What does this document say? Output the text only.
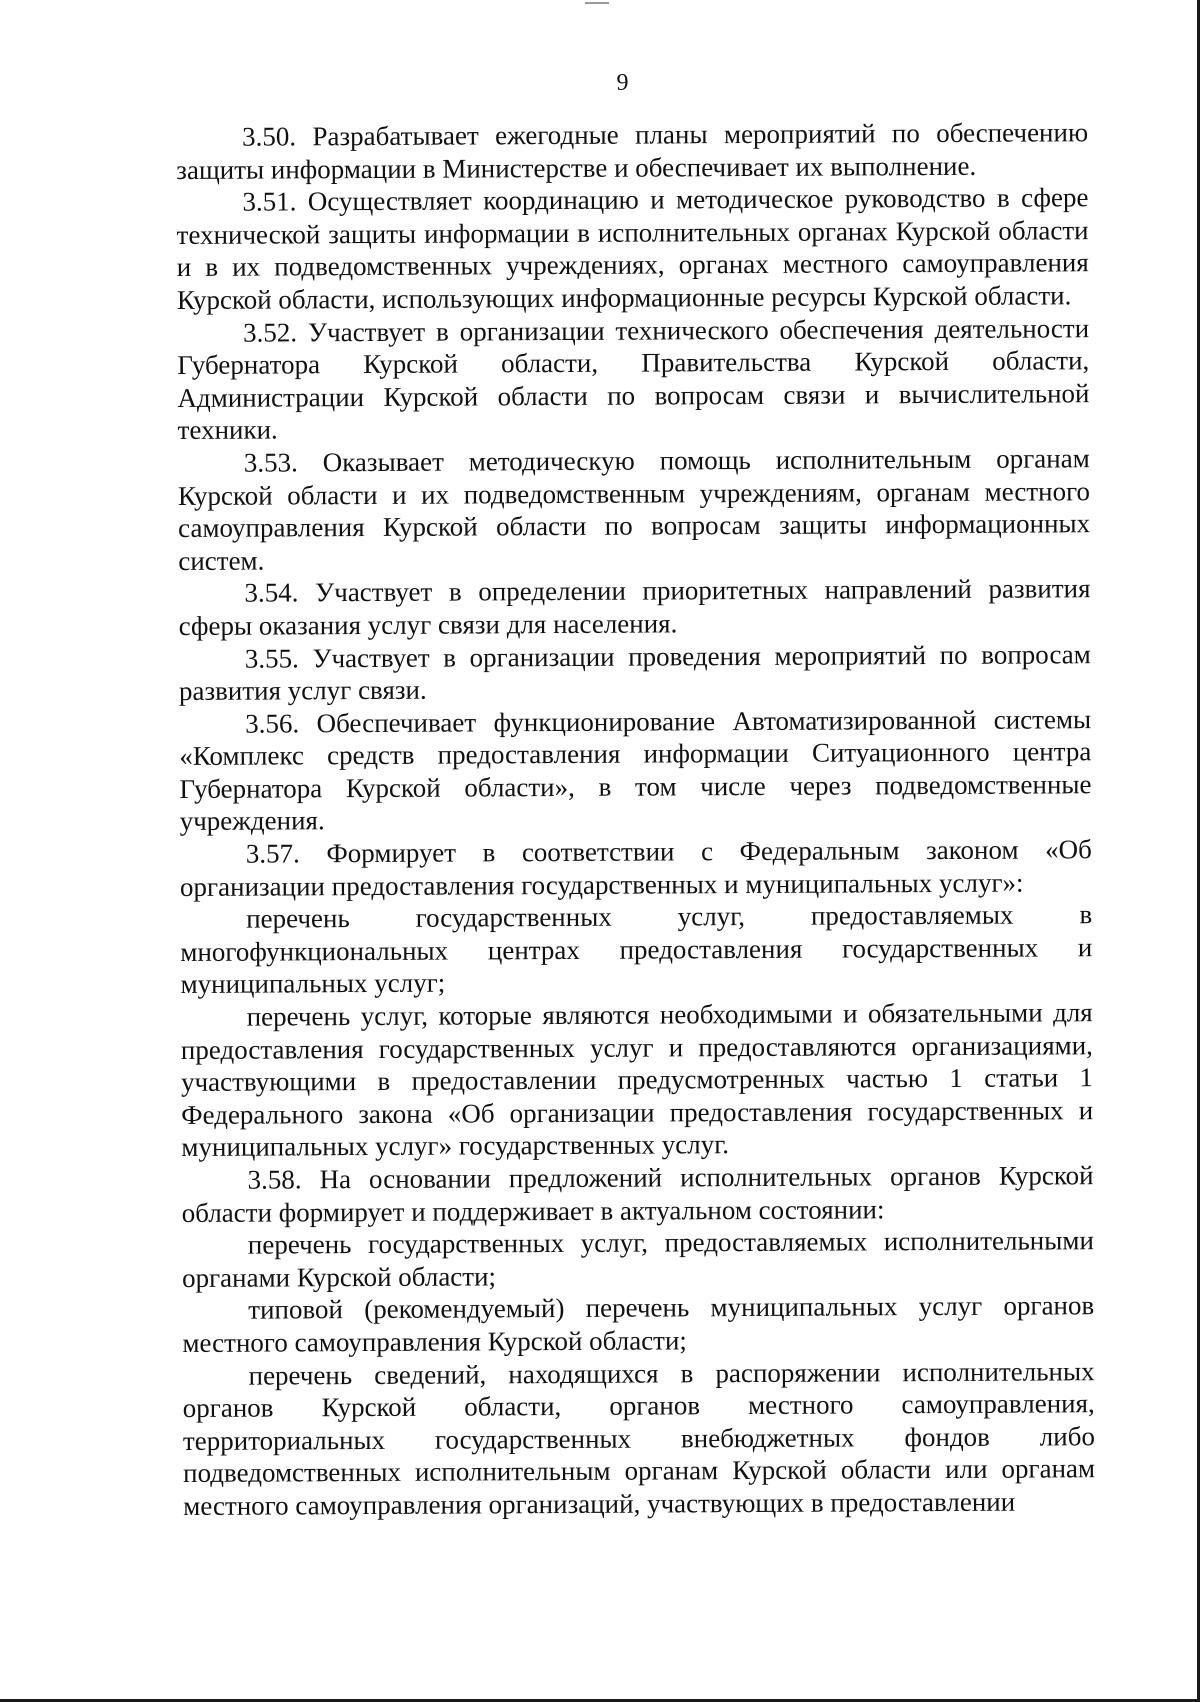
9

3.50. Разрабатывает ежегодные планы мероприятий по обеспечению защиты информации в Министерстве и обеспечивает их выполнение.

3.51. Осуществляет координацию и методическое руководство в сфере технической защиты информации в исполнительных органах Курской области и в их подведомственных учреждениях, органах местного самоуправления Курской области, использующих информационные ресурсы Курской области.

3.52. Участвует в организации технического обеспечения деятельности Губернатора Курской области, Правительства Курской области, Администрации Курской области по вопросам связи и вычислительной техники.

3.53. Оказывает методическую помощь исполнительным органам Курской области и их подведомственным учреждениям, органам местного самоуправления Курской области по вопросам защиты информационных систем.

3.54. Участвует в определении приоритетных направлений развития сферы оказания услуг связи для населения.

3.55. Участвует в организации проведения мероприятий по вопросам развития услуг связи.

3.56. Обеспечивает функционирование Автоматизированной системы «Комплекс средств предоставления информации Ситуационного центра Губернатора Курской области», в том числе через подведомственные учреждения.

3.57. Формирует в соответствии с Федеральным законом «Об организации предоставления государственных и муниципальных услуг»:

перечень государственных услуг, предоставляемых в многофункциональных центрах предоставления государственных и муниципальных услуг;

перечень услуг, которые являются необходимыми и обязательными для предоставления государственных услуг и предоставляются организациями, участвующими в предоставлении предусмотренных частью 1 статьи 1 Федерального закона «Об организации предоставления государственных и муниципальных услуг» государственных услуг.

3.58. На основании предложений исполнительных органов Курской области формирует и поддерживает в актуальном состоянии:

перечень государственных услуг, предоставляемых исполнительными органами Курской области;

типовой (рекомендуемый) перечень муниципальных услуг органов местного самоуправления Курской области;

перечень сведений, находящихся в распоряжении исполнительных органов Курской области, органов местного самоуправления, территориальных государственных внебюджетных фондов либо подведомственных исполнительным органам Курской области или органам местного самоуправления организаций, участвующих в предоставлении
